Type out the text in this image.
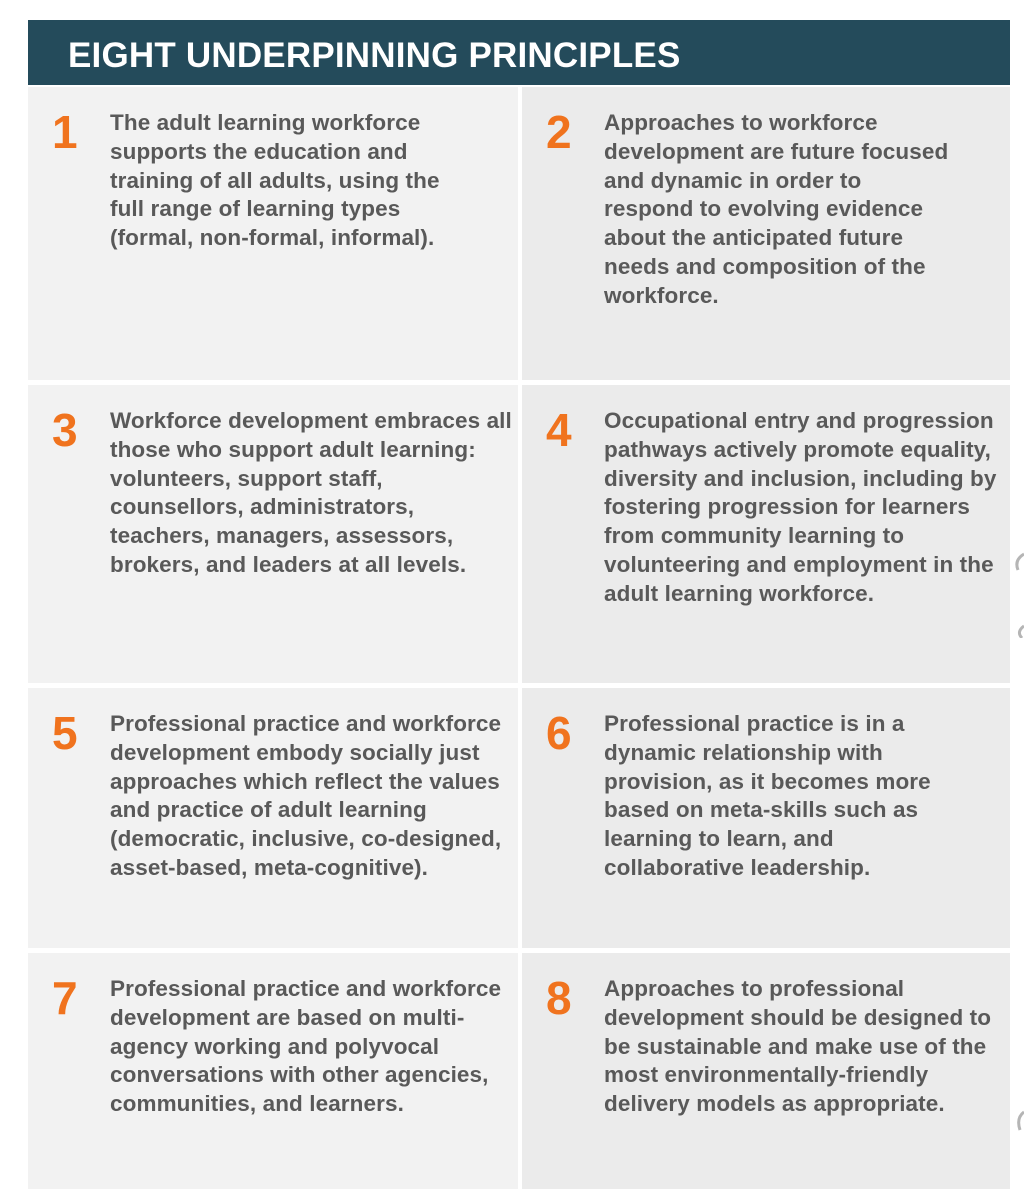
EIGHT UNDERPINNING PRINCIPLES
1 The adult learning workforce supports the education and training of all adults, using the full range of learning types (formal, non-formal, informal).
2 Approaches to workforce development are future focused and dynamic in order to respond to evolving evidence about the anticipated future needs and composition of the workforce.
3 Workforce development embraces all those who support adult learning: volunteers, support staff, counsellors, administrators, teachers, managers, assessors, brokers, and leaders at all levels.
4 Occupational entry and progression pathways actively promote equality, diversity and inclusion, including by fostering progression for learners from community learning to volunteering and employment in the adult learning workforce.
5 Professional practice and workforce development embody socially just approaches which reflect the values and practice of adult learning (democratic, inclusive, co-designed, asset-based, meta-cognitive).
6 Professional practice is in a dynamic relationship with provision, as it becomes more based on meta-skills such as learning to learn, and collaborative leadership.
7 Professional practice and workforce development are based on multi-agency working and polyvocal conversations with other agencies, communities, and learners.
8 Approaches to professional development should be designed to be sustainable and make use of the most environmentally-friendly delivery models as appropriate.
